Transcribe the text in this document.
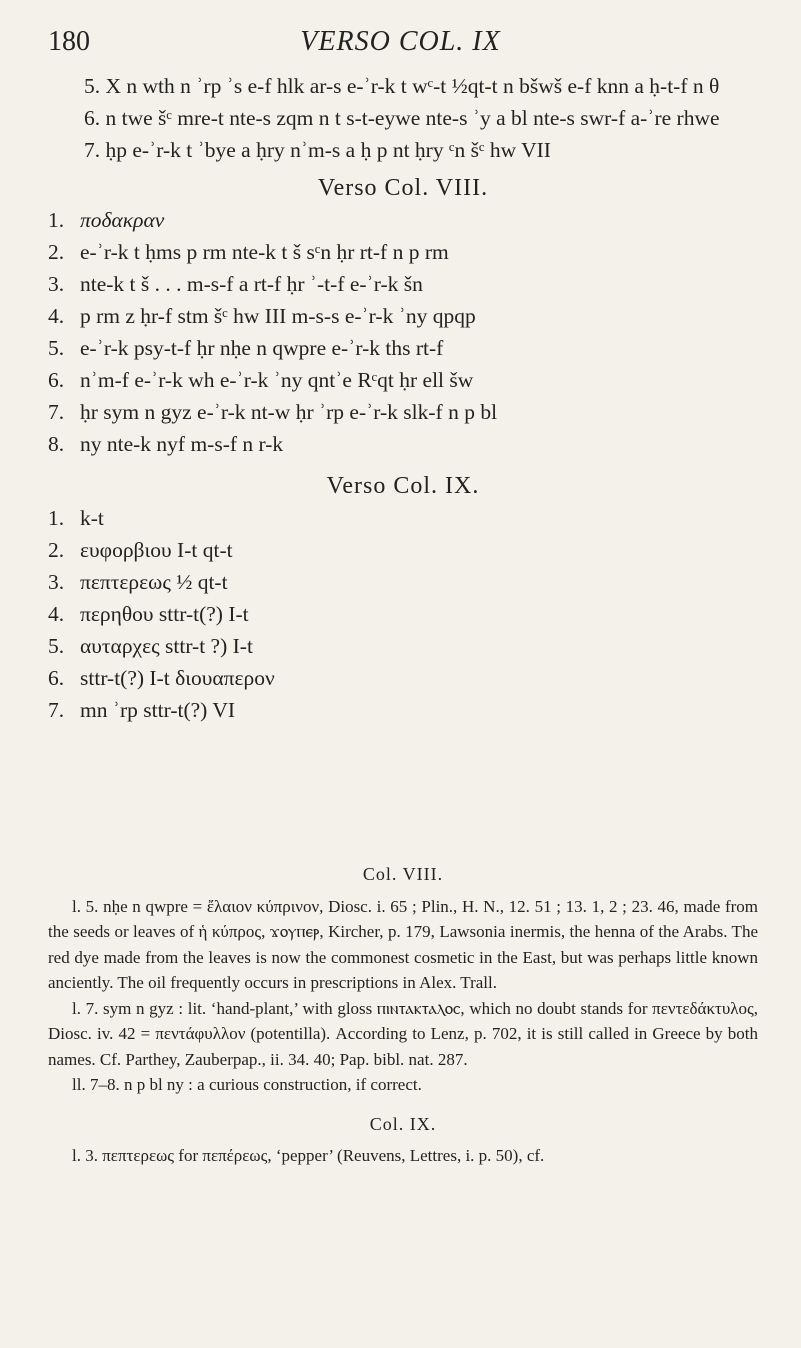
180	VERSO COL. IX

5. X n wth n ʾrp ʾs e-f hlk ar-s e-ʾr-k t wᶜ-t ½qt-t n bšwš e-f knn a ḥ-t-f n θ

6. n twe šᶜ mre-t nte-s zqm n t s-t-eywe nte-s ʾy a bl nte-s swr-f a-ʾre rhwe

7. ḥp e-ʾr-k t ʾbye a ḥry nʾm-s a ḥ p nt ḥry ᶜn šᶜ hw VII

Verso Col. VIII.

1. ποδακραν

2. e-ʾr-k t ḥms p rm nte-k t š sᶜn ḥr rt-f n p rm

3. nte-k t š . . . m-s-f a rt-f ḥr ʾ-t-f e-ʾr-k šn

4. p rm z ḥr-f stm šᶜ hw III m-s-s e-ʾr-k ʾny qpqp

5. e-ʾr-k psy-t-f ḥr nḥe n qwpre e-ʾr-k ths rt-f

6. nʾm-f e-ʾr-k wh e-ʾr-k ʾny qntʾe Rᶜqt ḥr ell šw

7. ḥr sym n gyz e-ʾr-k nt-w ḥr ʾrp e-ʾr-k slk-f n p bl

8. ny nte-k nyf m-s-f n r-k

Verso Col. IX.

1. k-t

2. ευφορβιου I-t qt-t

3. πεπτερεως ½ qt-t

4. περηθου sttr-t(?) I-t

5. αυταρχες sttr-t ?) I-t

6. sttr-t(?) I-t διουαπερον

7. mn ʾrp sttr-t(?) VI

Col. VIII.

l. 5. nḥe n qwpre = ἔλαιον κύπρινον, Diosc. i. 65 ; Plin., H. N., 12. 51 ; 13. 1, 2 ; 23. 46, made from the seeds or leaves of ἡ κύπρος, ϫⲟⲩⲡⲉⲣ, Kircher, p. 179, Lawsonia inermis, the henna of the Arabs. The red dye made from the leaves is now the commonest cosmetic in the East, but was perhaps little known anciently. The oil frequently occurs in prescriptions in Alex. Trall.

l. 7. sym n gyz : lit. ‘hand-plant,’ with gloss ⲡⲓⲛⲧⲁⲕⲧⲁⲗⲟⲥ, which no doubt stands for πεντεδάκτυλος, Diosc. iv. 42 = πεντάφυλλον (potentilla). According to Lenz, p. 702, it is still called in Greece by both names. Cf. Parthey, Zauberpap., ii. 34. 40; Pap. bibl. nat. 287.

ll. 7–8. n p bl ny : a curious construction, if correct.

Col. IX.

l. 3. πεπτερεως for πεπέρεως, ‘pepper’ (Reuvens, Lettres, i. p. 50), cf.
